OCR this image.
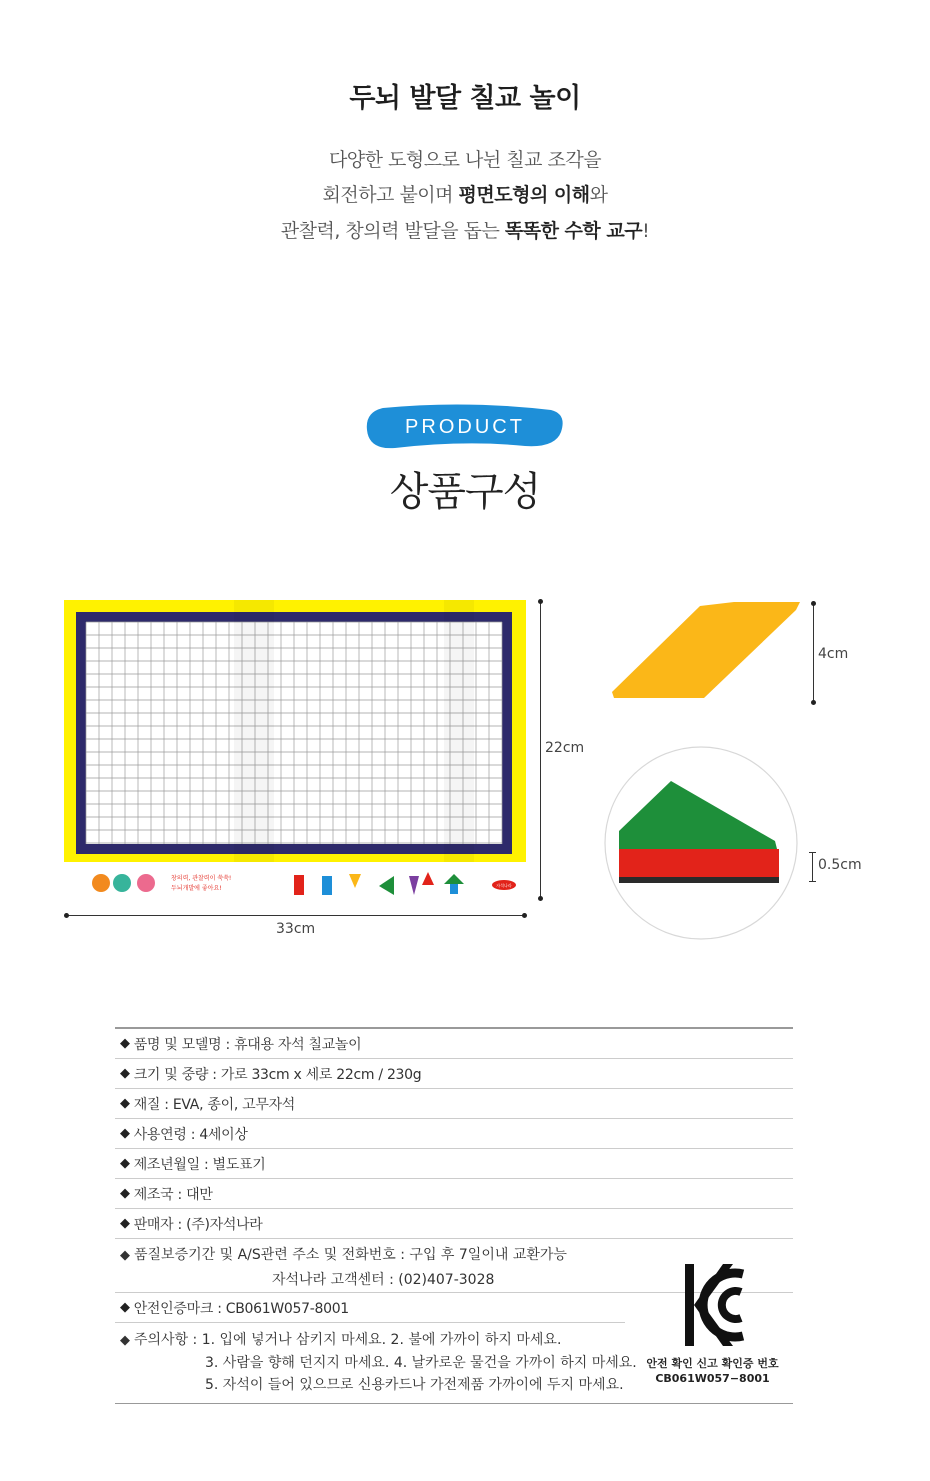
두뇌 발달 칠교 놀이
다양한 도형으로 나뉜 칠교 조각을
회전하고 붙이며 평면도형의 이해와
관찰력, 창의력 발달을 돕는 똑똑한 수학 교구!
PRODUCT
상품구성
창의력, 관찰력이 쑥쑥!
두뇌개발에 좋아요!	자석나라
22cm
33cm
4cm
0.5cm
◆ 품명 및 모델명 : 휴대용 자석 칠교놀이
◆ 크기 및 중량 : 가로 33cm x 세로 22cm / 230g
◆ 재질 : EVA, 종이, 고무자석
◆ 사용연령 : 4세이상
◆ 제조년월일 : 별도표기
◆ 제조국 : 대만
◆ 판매자 : (주)자석나라
◆ 품질보증기간 및 A/S관련 주소 및 전화번호 : 구입 후 7일이내 교환가능
자석나라 고객센터 : (02)407-3028
◆ 안전인증마크 : CB061W057-8001
◆ 주의사항 : 1. 입에 넣거나 삼키지 마세요. 2. 불에 가까이 하지 마세요.
3. 사람을 향해 던지지 마세요. 4. 날카로운 물건을 가까이 하지 마세요.
5. 자석이 들어 있으므로 신용카드나 가전제품 가까이에 두지 마세요.
안전 확인 신고 확인증 번호
CB061W057−8001
